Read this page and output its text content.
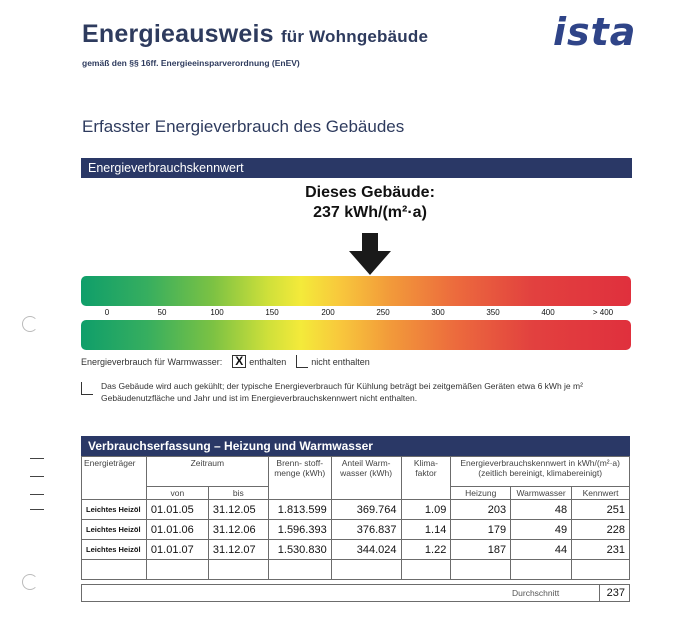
Energieausweis für Wohngebäude
gemäß den §§ 16ff. Energieeinsparverordnung (EnEV)
ista
Erfasster Energieverbrauch des Gebäudes
Energieverbrauchskennwert
Dieses Gebäude:
237 kWh/(m²·a)
0	50	100	150	200	250	300	350	400	> 400
Energieverbrauch für Warmwasser: X enthalten	nicht enthalten

Das Gebäude wird auch gekühlt; der typische Energieverbrauch für Kühlung beträgt bei zeitgemäßen Geräten etwa 6 kWh je m² Gebäudenutzfläche und Jahr und ist im Energieverbrauchskennwert nicht enthalten.

Verbrauchserfassung – Heizung und Warmwasser
Energieträger	Zeitraum		Brenn- stoff- menge (kWh)	Anteil Warm- wasser (kWh)	Klima- faktor	Energieverbrauchskennwert in kWh/(m²·a) (zeitlich bereinigt, klimabereinigt)		
	von	bis				Heizung	Warmwasser	Kennwert
Leichtes Heizöl	01.01.05	31.12.05	1.813.599	369.764	1.09	203	48	251
Leichtes Heizöl	01.01.06	31.12.06	1.596.393	376.837	1.14	179	49	228
Leichtes Heizöl	01.01.07	31.12.07	1.530.830	344.024	1.22	187	44	231

Durchschnitt	237
